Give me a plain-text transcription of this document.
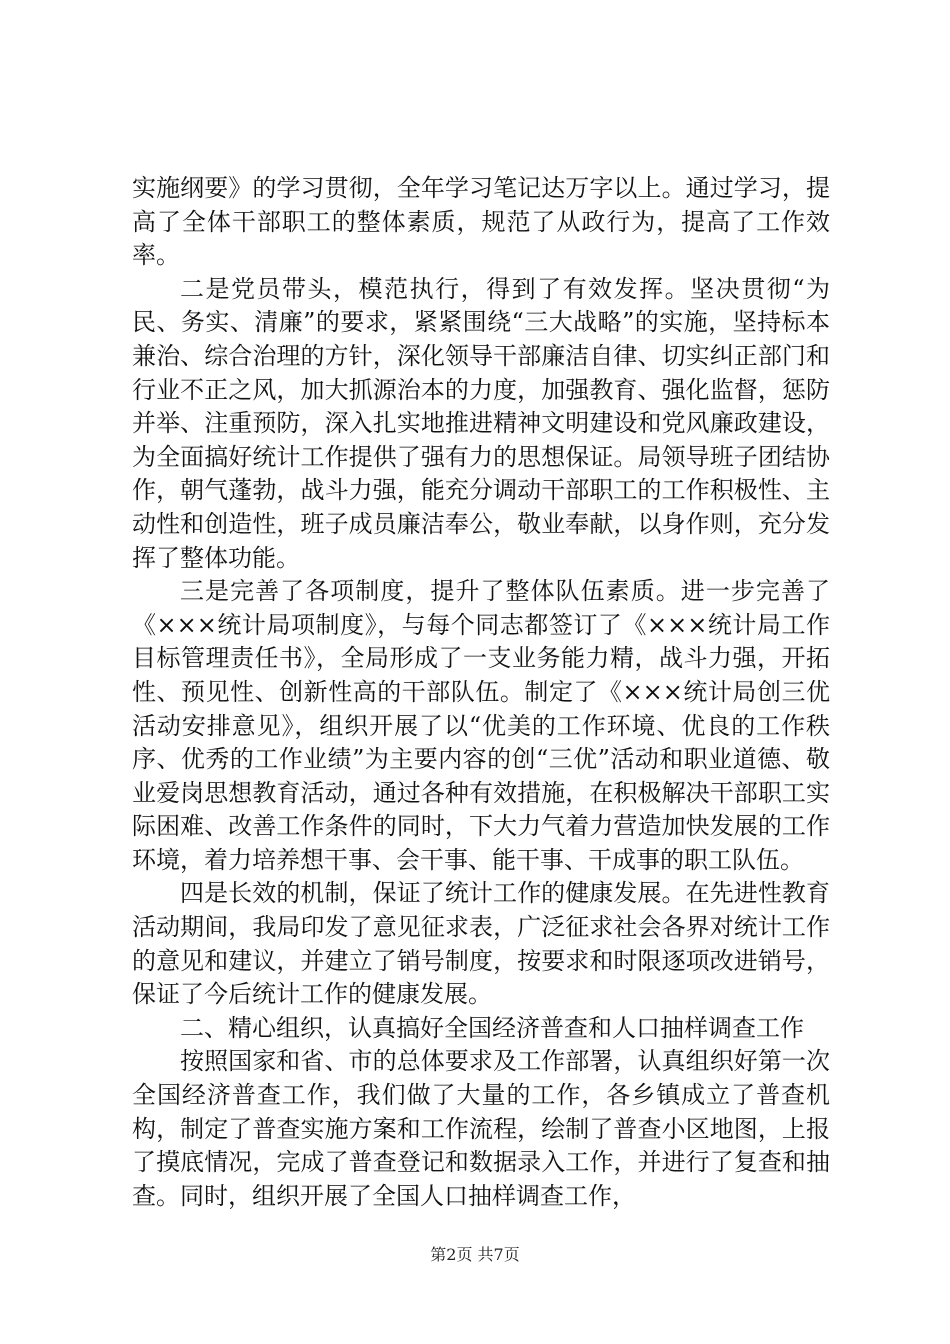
实施纲要》的学习贯彻，全年学习笔记达万字以上。通过学习，提高了全体干部职工的整体素质，规范了从政行为，提高了工作效率。

二是党员带头，模范执行，得到了有效发挥。坚决贯彻“为民、务实、清廉”的要求，紧紧围绕“三大战略”的实施，坚持标本兼治、综合治理的方针，深化领导干部廉洁自律、切实纠正部门和行业不正之风，加大抓源治本的力度，加强教育、强化监督，惩防并举、注重预防，深入扎实地推进精神文明建设和党风廉政建设，为全面搞好统计工作提供了强有力的思想保证。局领导班子团结协作，朝气蓬勃，战斗力强，能充分调动干部职工的工作积极性、主动性和创造性，班子成员廉洁奉公，敬业奉献，以身作则，充分发挥了整体功能。

三是完善了各项制度，提升了整体队伍素质。进一步完善了《×××统计局项制度》，与每个同志都签订了《×××统计局工作目标管理责任书》，全局形成了一支业务能力精，战斗力强，开拓性、预见性、创新性高的干部队伍。制定了《×××统计局创三优活动安排意见》，组织开展了以“优美的工作环境、优良的工作秩序、优秀的工作业绩”为主要内容的创“三优”活动和职业道德、敬业爱岗思想教育活动，通过各种有效措施，在积极解决干部职工实际困难、改善工作条件的同时，下大力气着力营造加快发展的工作环境，着力培养想干事、会干事、能干事、干成事的职工队伍。

四是长效的机制，保证了统计工作的健康发展。在先进性教育活动期间，我局印发了意见征求表，广泛征求社会各界对统计工作的意见和建议，并建立了销号制度，按要求和时限逐项改进销号，保证了今后统计工作的健康发展。

二、精心组织，认真搞好全国经济普查和人口抽样调查工作

按照国家和省、市的总体要求及工作部署，认真组织好第一次全国经济普查工作，我们做了大量的工作，各乡镇成立了普查机构，制定了普查实施方案和工作流程，绘制了普查小区地图，上报了摸底情况，完成了普查登记和数据录入工作，并进行了复查和抽查。同时，组织开展了全国人口抽样调查工作，

第2页 共7页
